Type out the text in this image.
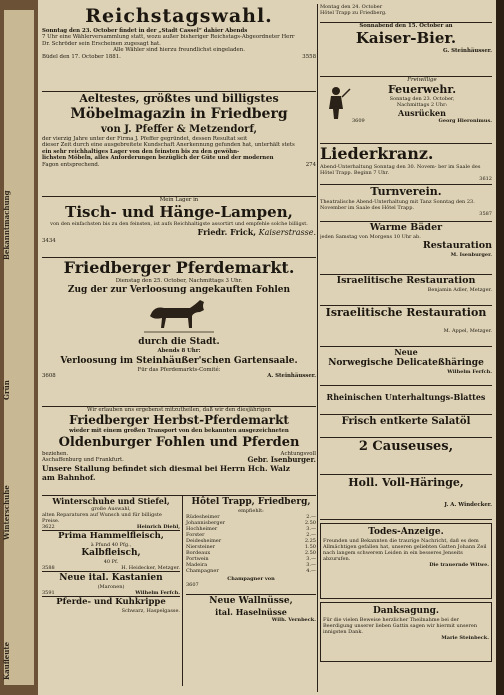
Bekanntmachung
Grün
Winterschuhe
Kaufleute
Reichstagswahl.
Sonntag den 23. October findet in der „Stadt Cassel“ dahier Abends
7 Uhr eine Wählerversammlung statt, wozu außer bisheriger Reichstags-Abgeordneter Herr
Dr. Schröder sein Erscheinen zugesagt hat.
Alle Wähler sind hierzu freundlichst eingeladen.
Büdel den 17. October 1881.	3558
Aeltestes, größtes und billigstes
Möbelmagazin in Friedberg
von J. Pfeffer & Metzendorf,
der vierzig Jahre unter der Firma J. Pfeffer gegründet, dessen Resultat seit
dieser Zeit durch eine ausgebreitete Kundschaft Anerkennung gefunden hat, unterhält stets
ein sehr reichhaltiges Lager von den feinsten bis zu den gewöhn-
lichsten Möbeln, alles Anforderungen bezüglich der Güte und der modernen
Fagon entsprechend.	274
Mein Lager in
Tisch- und Hänge-Lampen,
von den einfachsten bis zu den feinsten, ist aufs Reichhaltigste assortirt und empfehle solche billigst.
Friedr. Frick, Kaiserstrasse.
3434
Friedberger Pferdemarkt.
Dienstag den 25. October, Nachmittags 3 Uhr.
Zug der zur Verloosung angekauften Fohlen
durch die Stadt.
Abends 8 Uhr:
Verloosung im Steinhäußer'schen Gartensaale.
Für das Pferdemarkts-Comité:
3608	A. Steinhäusser.
Wir erlauben uns ergebenst mitzutheilen, daß wir den diesjährigen
Friedberger Herbst-Pferdemarkt
wieder mit einem großen Transport von den bekannten ausgezeichneten
Oldenburger Fohlen und Pferden
beziehen.	Achtungsvoll
Aschaffenburg und Frankfurt.	Gebr. Isenburger.
Unsere Stallung befindet sich diesmal bei Herrn Hch. Walz
am Bahnhof.
Winterschuhe und Stiefel,
große Auswahl,
alten Reparaturen auf Wunsch und für billigste Preise.
3622	Heinrich Diehl,
Prima Hammelfleisch,
à Pfund 40 Pfg.,
Kalbfleisch,
40 Pf.
3588	H. Heidecker, Metzger.
Neue ital. Kastanien
(Maronen)
3591	Wilhelm Ferfch.
Pferde- und Kuhkrippe
Schwarz, Haspelgasse.
Hôtel Trapp, Friedberg,
empfiehlt:
Rüdesheimer	2.—
Johannisberger	2.50
Hochheimer	3.—
Forster	2.—
Deidesheimer	2.25
Niersteiner	1.50
Bordeaux	2.50
Portwein	3.—
Madeira	3.—
Champagner	4.—
Champagner von
3607
Neue Wallnüsse,
ital. Haselnüsse
Wilh. Vernbeck.
Montag den 24. October
Hôtel Trapp zu Friedberg.
Sonnabend den 15. October an
Kaiser-Bier.
G. Steinhäusser.
Freiwillige
Feuerwehr.
Sonntag den 23. October,
Nachmittags 2 Uhr:
Ausrücken
3609	Georg Hieronimus.
Liederkranz.
Abend-Unterhaltung Sonntag den 30. Novem- ber im Saale des Hôtel Trapp. Beginn 7 Uhr.
3612
Turnverein.
Theatralische Abend-Unterhaltung mit Tanz Sonntag den 23. November im Saale des Hôtel Trapp.
3587
Warme Bäder
jeden Samstag von Morgens 10 Uhr ab.
Restauration
M. Isenburger.
Israelitische Restauration
Benjamin Adler, Metzger.
Israelitische Restauration
M. Appel, Metzger.
Neue
Norwegische Delicateßhäringe
Wilhelm Ferfch.
Rheinischen Unterhaltungs-Blattes
Frisch entkerte Salatöl
2 Causeuses,
Holl. Voll-Häringe,
J. A. Windecker.
Todes-Anzeige.
Freunden und Bekannten die traurige Nachricht, daß es dem Allmächtigen gefallen hat, unseren geliebten Gatten Johann Zeil nach langem schwerem Leiden in ein besseres Jenseits abzurufen.
Die trauernde Witwe.
Danksagung.
Für die vielen Beweise herzlicher Theilnahme bei der Beerdigung unserer lieben Gattin sagen wir hiermit unseren innigsten Dank.
Marie Steinbeck.
